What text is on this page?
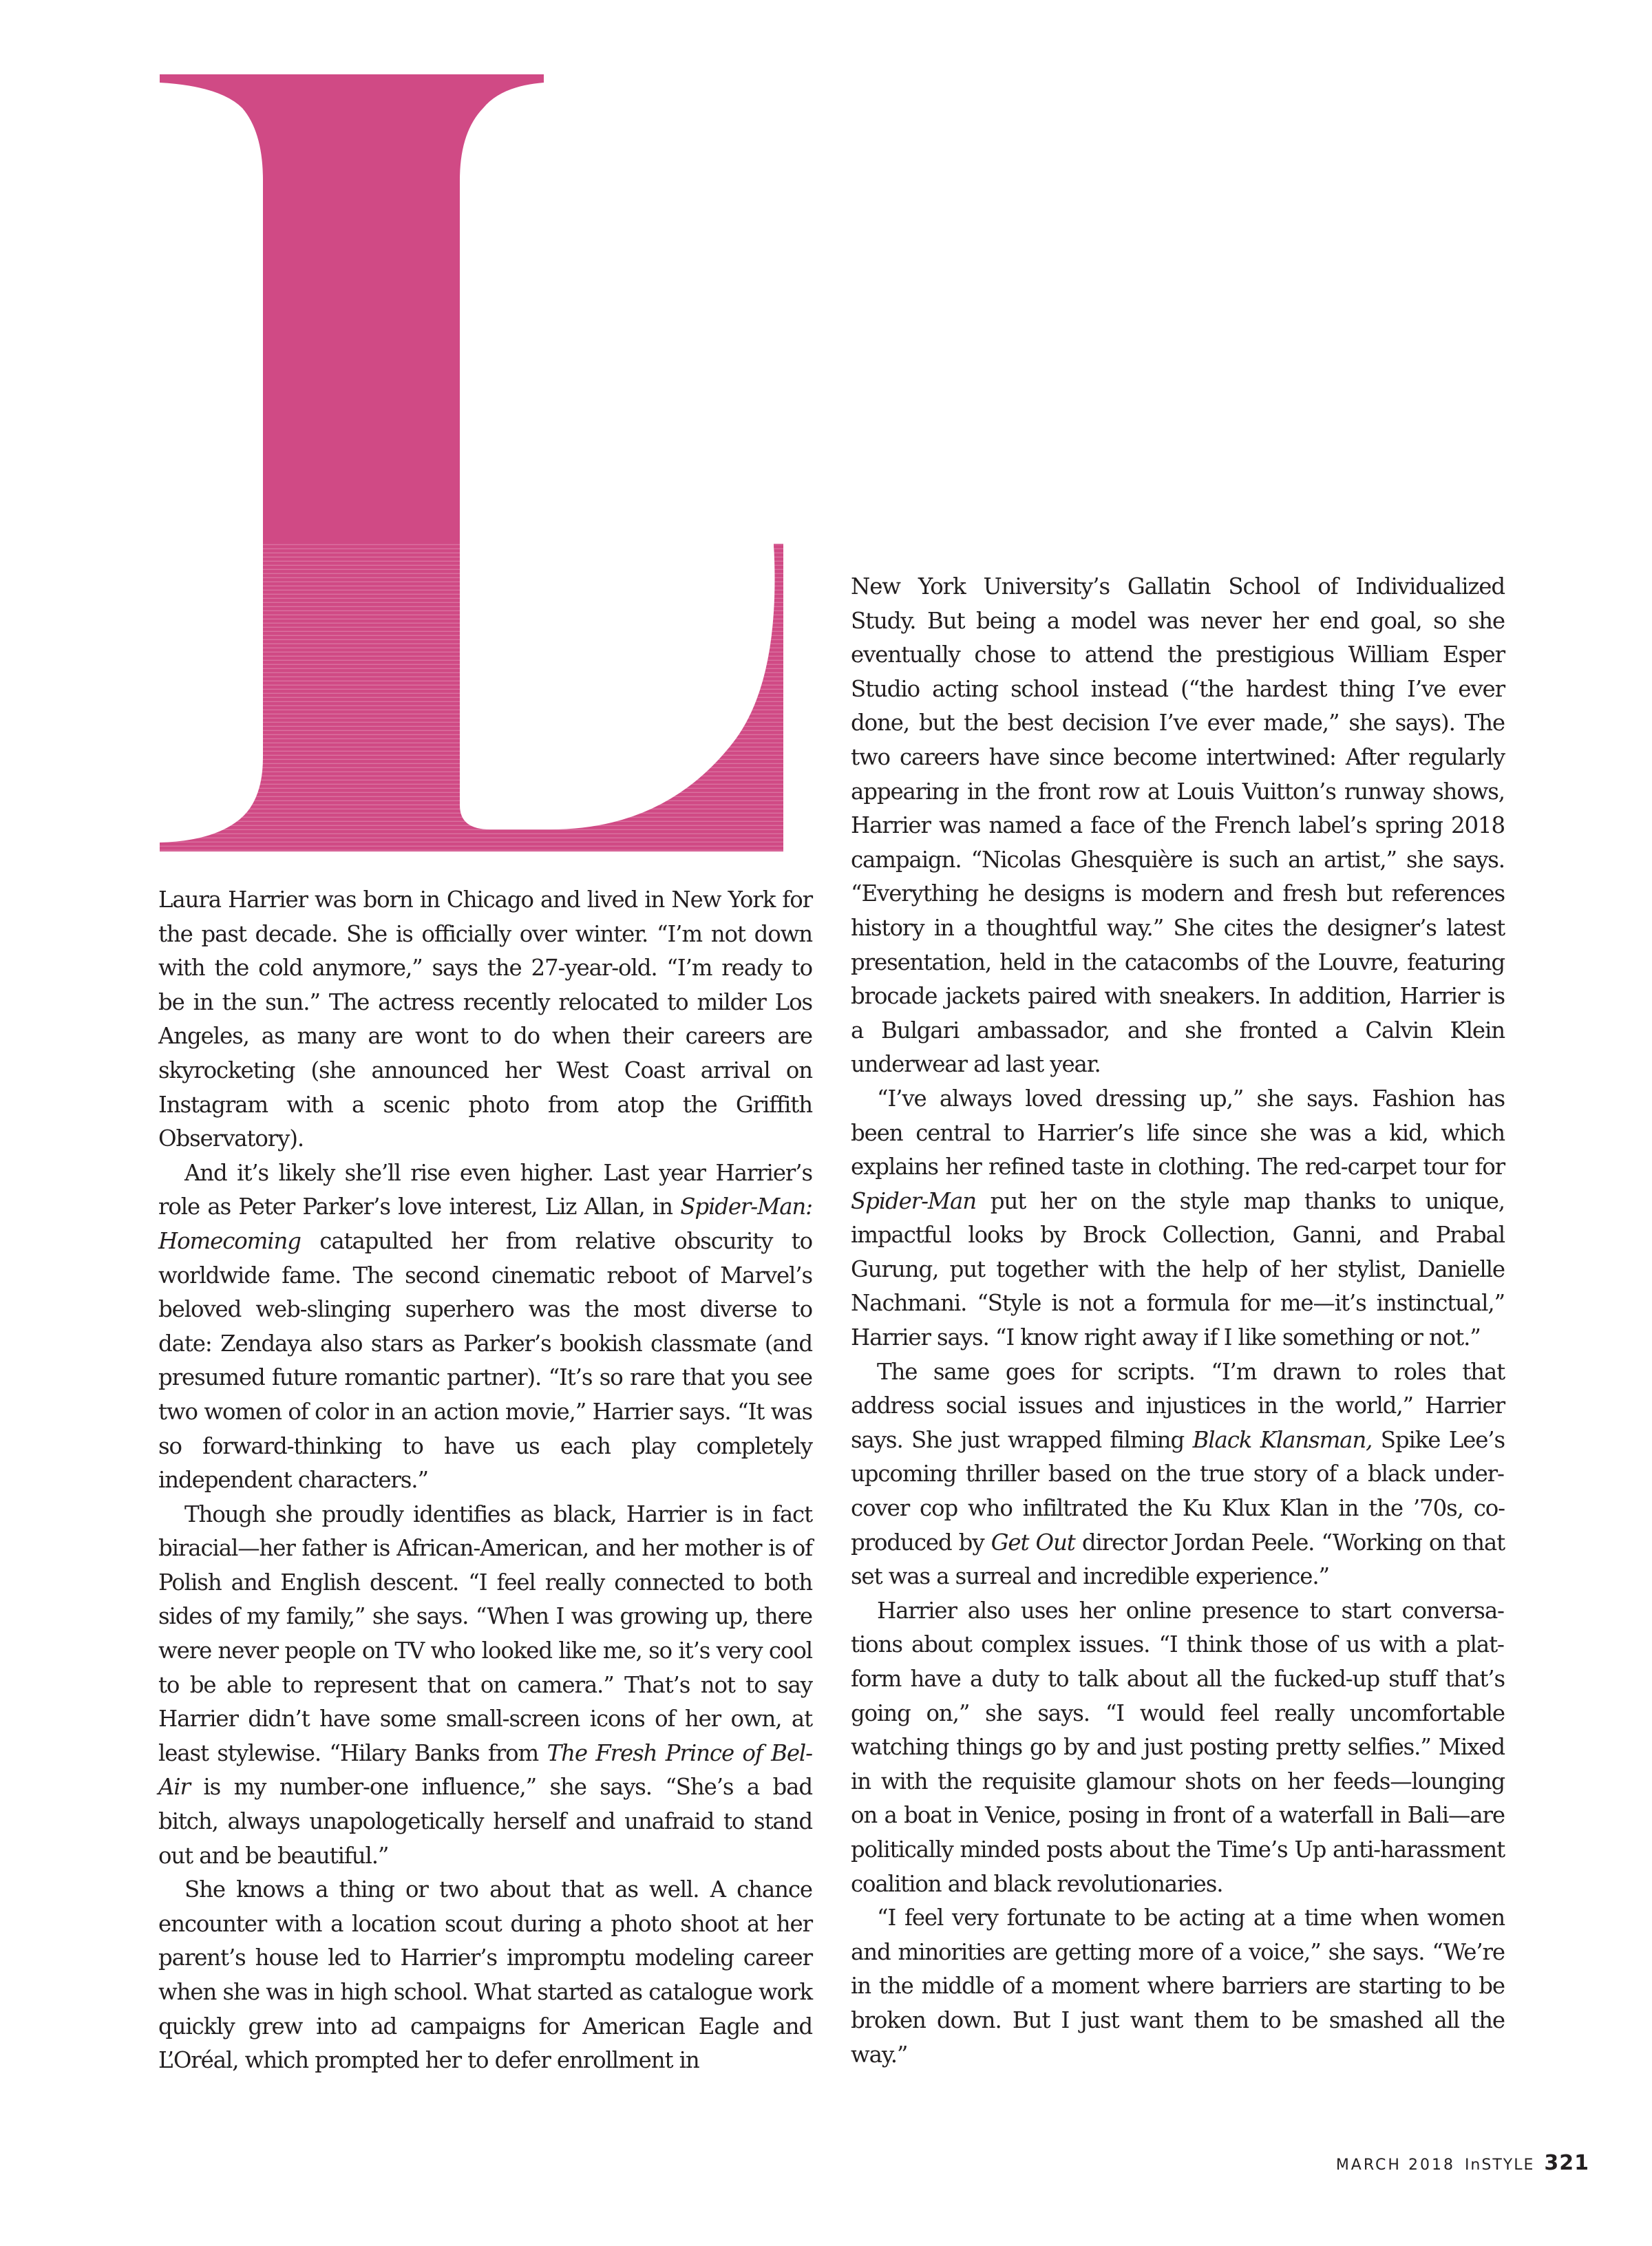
Laura Harrier was born in Chicago and lived in New York for the past decade. She is officially over winter. “I’m not down with the cold anymore,” says the 27-year-old. “I’m ready to be in the sun.” The actress recently relocated to milder Los Angeles, as many are wont to do when their careers are skyrocketing (she announced her West Coast arrival on Instagram with a scenic photo from atop the Griffith Observatory).

And it’s likely she’ll rise even higher. Last year Harrier’s role as Peter Parker’s love interest, Liz Allan, in Spider-Man: Homecoming catapulted her from relative obscurity to worldwide fame. The second cinematic reboot of Marvel’s beloved web-slinging superhero was the most diverse to date: Zendaya also stars as Parker’s bookish classmate (and presumed future romantic partner). “It’s so rare that you see two women of color in an action movie,” Harrier says. “It was so forward-thinking to have us each play completely independent characters.”

Though she proudly identifies as black, Harrier is in fact biracial—her father is African-American, and her mother is of Polish and English descent. “I feel really connected to both sides of my family,” she says. “When I was growing up, there were never people on TV who looked like me, so it’s very cool to be able to represent that on camera.” That’s not to say Harrier didn’t have some small-screen icons of her own, at least stylewise. “Hilary Banks from The Fresh Prince of Bel-Air is my number-one influence,” she says. “She’s a bad bitch, always unapologetically herself and unafraid to stand out and be beautiful.”

She knows a thing or two about that as well. A chance encounter with a location scout during a photo shoot at her parent’s house led to Harrier’s impromptu modeling career when she was in high school. What started as catalogue work quickly grew into ad campaigns for American Eagle and L’Oréal, which prompted her to defer enrollment in

New York University’s Gallatin School of Individualized Study. But being a model was never her end goal, so she eventually chose to attend the prestigious William Esper Studio acting school instead (“the hardest thing I’ve ever done, but the best decision I’ve ever made,” she says). The two careers have since become intertwined: After regularly appearing in the front row at Louis Vuitton’s runway shows, Harrier was named a face of the French label’s spring 2018 campaign. “Nicolas Ghesquière is such an artist,” she says. “Everything he designs is modern and fresh but references history in a thoughtful way.” She cites the designer’s latest presentation, held in the catacombs of the Louvre, featuring brocade jackets paired with sneakers. In addition, Harrier is a Bulgari ambassador, and she fronted a Calvin Klein underwear ad last year.

“I’ve always loved dressing up,” she says. Fashion has been central to Harrier’s life since she was a kid, which explains her refined taste in clothing. The red-carpet tour for Spider-Man put her on the style map thanks to unique, impactful looks by Brock Collection, Ganni, and Prabal Gurung, put together with the help of her stylist, Danielle Nachmani. “Style is not a formula for me—it’s instinctual,” Harrier says. “I know right away if I like something or not.”

The same goes for scripts. “I’m drawn to roles that address social issues and injustices in the world,” Harrier says. She just wrapped filming Black Klansman, Spike Lee’s upcoming thriller based on the true story of a black undercover cop who infiltrated the Ku Klux Klan in the ’70s, co-produced by Get Out director Jordan Peele. “Working on that set was a surreal and incredible experience.”

Harrier also uses her online presence to start conversations about complex issues. “I think those of us with a platform have a duty to talk about all the fucked-up stuff that’s going on,” she says. “I would feel really uncomfortable watching things go by and just posting pretty selfies.” Mixed in with the requisite glamour shots on her feeds—lounging on a boat in Venice, posing in front of a waterfall in Bali—are politically minded posts about the Time’s Up anti-harassment coalition and black revolutionaries.

“I feel very fortunate to be acting at a time when women and minorities are getting more of a voice,” she says. “We’re in the middle of a moment where barriers are starting to be broken down. But I just want them to be smashed all the way.”

MARCH 2018 InSTYLE 321
